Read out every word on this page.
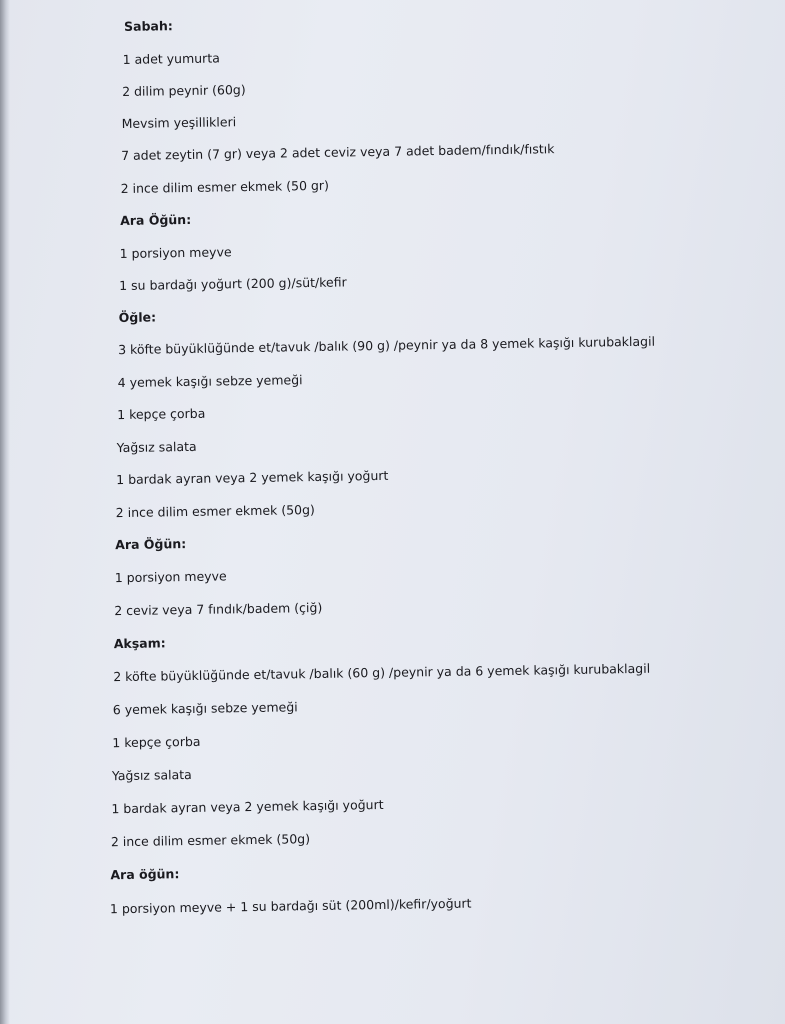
Sabah:
1 adet yumurta
2 dilim peynir (60g)
Mevsim yeşillikleri
7 adet zeytin (7 gr) veya 2 adet ceviz veya 7 adet badem/fındık/fıstık
2 ince dilim esmer ekmek (50 gr)
Ara Öğün:
1 porsiyon meyve
1 su bardağı yoğurt (200 g)/süt/kefir
Öğle:
3 köfte büyüklüğünde et/tavuk /balık (90 g) /peynir ya da 8 yemek kaşığı kurubaklagil
4 yemek kaşığı sebze yemeği
1 kepçe çorba
Yağsız salata
1 bardak ayran veya 2 yemek kaşığı yoğurt
2 ince dilim esmer ekmek (50g)
Ara Öğün:
1 porsiyon meyve
2 ceviz veya 7 fındık/badem (çiğ)
Akşam:
2 köfte büyüklüğünde et/tavuk /balık (60 g) /peynir ya da 6 yemek kaşığı kurubaklagil
6 yemek kaşığı sebze yemeği
1 kepçe çorba
Yağsız salata
1 bardak ayran veya 2 yemek kaşığı yoğurt
2 ince dilim esmer ekmek (50g)
Ara öğün:
1 porsiyon meyve + 1 su bardağı süt (200ml)/kefir/yoğurt
